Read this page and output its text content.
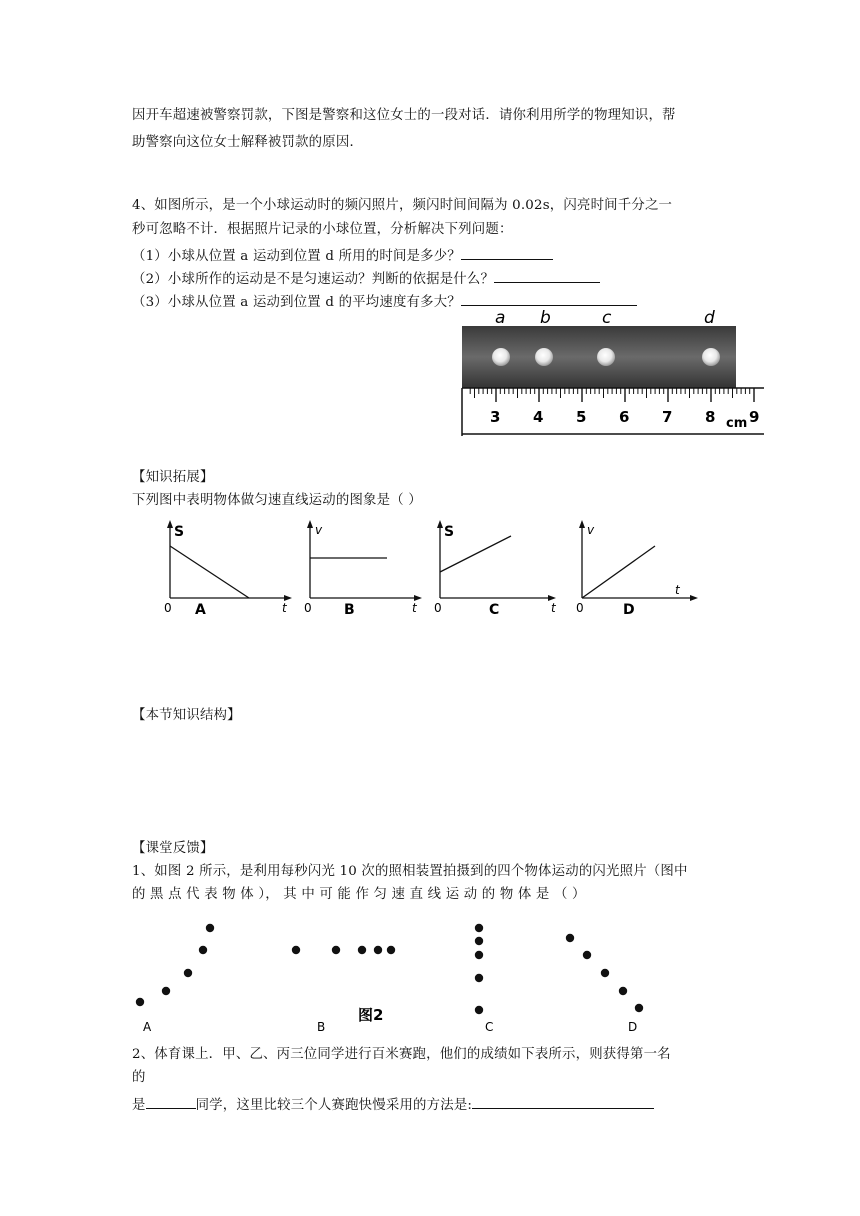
因开车超速被警察罚款，下图是警察和这位女士的一段对话．请你利用所学的物理知识，帮
助警察向这位女士解释被罚款的原因．
4、如图所示，是一个小球运动时的频闪照片，频闪时间间隔为 0.02s，闪亮时间千分之一
秒可忽略不计．根据照片记录的小球位置，分析解决下列问题：
（1）小球从位置 a 运动到位置 d 所用的时间是多少？
（2）小球所作的运动是不是匀速运动？判断的依据是什么？
（3）小球从位置 a 运动到位置 d 的平均速度有多大？
a b	c	d
3 4 5 6 7 8 9
cm
【知识拓展】
下列图中表明物体做匀速直线运动的图象是（ ）
S
0 A	t
v
0 B	t
S
0	C	t
v
0	D
t
【本节知识结构】
【课堂反馈】
1、如图 2 所示，是利用每秒闪光 10 次的照相装置拍摄到的四个物体运动的闪光照片（图中
的 黑 点 代 表 物 体 ）， 其 中 可 能 作 匀 速 直 线 运 动 的 物 体 是 （ ）
A	B	C	D
图2
2、体育课上．甲、乙、丙三位同学进行百米赛跑，他们的成绩如下表所示，则获得第一名
的
是	同学，这里比较三个人赛跑快慢采用的方法是:
